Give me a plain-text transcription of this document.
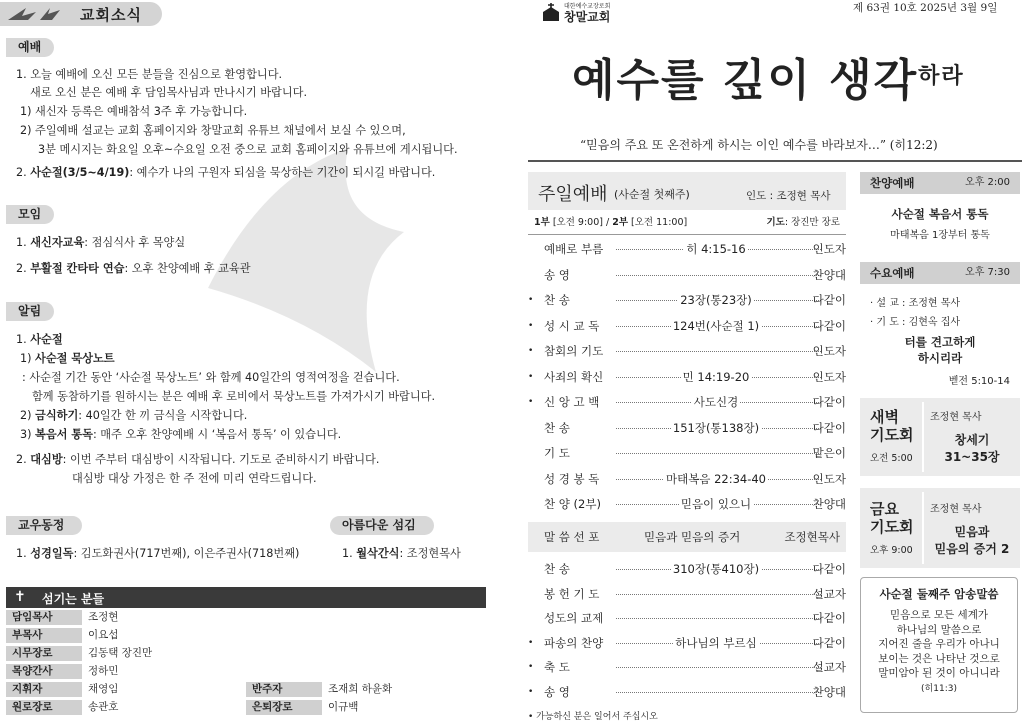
교회소식
예배
1. 오늘 예배에 오신 모든 분들을 진심으로 환영합니다.
새로 오신 분은 예배 후 담임목사님과 만나시기 바랍니다.
1) 새신자 등록은 예배참석 3주 후 가능합니다.
2) 주일예배 설교는 교회 홈페이지와 창말교회 유튜브 채널에서 보실 수 있으며,
3분 메시지는 화요일 오후~수요일 오전 중으로 교회 홈페이지와 유튜브에 게시됩니다.
2. 사순절(3/5~4/19): 예수가 나의 구원자 되심을 묵상하는 기간이 되시길 바랍니다.
모임
1. 새신자교육: 점심식사 후 목양실
2. 부활절 칸타타 연습: 오후 찬양예배 후 교육관
알림
1. 사순절
1) 사순절 묵상노트
: 사순절 기간 동안 ‘사순절 묵상노트’ 와 함께 40일간의 영적여정을 걷습니다.
함께 동참하기를 원하시는 분은 예배 후 로비에서 묵상노트를 가져가시기 바랍니다.
2) 금식하기: 40일간 한 끼 금식을 시작합니다.
3) 복음서 통독: 매주 오후 찬양예배 시 ‘복음서 통독’ 이 있습니다.
2. 대심방: 이번 주부터 대심방이 시작됩니다. 기도로 준비하시기 바랍니다.
대심방 대상 가정은 한 주 전에 미리 연락드립니다.
교우동정	아름다운 섬김
1. 성경일독: 김도화권사(717번째), 이은주권사(718번째)	1. 월삭간식: 조정현목사
✝ 섬기는 분들
담임목사	조정현
부목사	이요섭
시무장로	김동택 장진만
목양간사	정하민
지휘자	채영임	반주자	조재희 하윤화
원로장로	송관호	은퇴장로	이규백
대한예수교장로회
창말교회
제 63권 10호 2025년 3월 9일
예수를 깊이 생각$^{하라}$
“믿음의 주요 또 온전하게 하시는 이인 예수를 바라보자…” (히12:2)
주일예배 (사순절 첫째주)	인도 : 조정현 목사
1부 [오전 9:00] / 2부 [오전 11:00]	기도: 장진만 장로
예배로 부름	히 4:15-16	인도자
송 영	찬양대
• 찬 송	23장(통23장)	다같이
• 성 시 교 독	124번(사순절 1)	다같이
• 참회의 기도	인도자
• 사죄의 확신	민 14:19-20	인도자
• 신 앙 고 백	사도신경	다같이
찬 송	151장(통138장)	다같이
기 도	맡은이
성 경 봉 독	마태복음 22:34-40	인도자
찬 양 (2부)	믿음이 있으니	찬양대
말 씀 선 포	믿음과 믿음의 증거	조정현목사
찬 송	310장(통410장)	다같이
봉 헌 기 도	설교자
성도의 교제	다같이
• 파송의 찬양	하나님의 부르심	다같이
• 축 도	설교자
• 송 영	찬양대
• 가능하신 분은 일어서 주십시오
찬양예배	오후 2:00
사순절 복음서 통독
마태복음 1장부터 통독
수요예배	오후 7:30
· 설 교 : 조정현 목사
· 기 도 : 김현옥 집사
터를 견고하게
하시리라
벧전 5:10-14
새벽
기도회
오전 5:00
조정현 목사
창세기
31~35장
금요
기도회
오후 9:00
조정현 목사
믿음과
믿음의 증거 2
사순절 둘째주 암송말씀
믿음으로 모든 세계가
하나님의 말씀으로
지어진 줄을 우리가 아나니
보이는 것은 나타난 것으로
말미암아 된 것이 아니니라
(히11:3)
